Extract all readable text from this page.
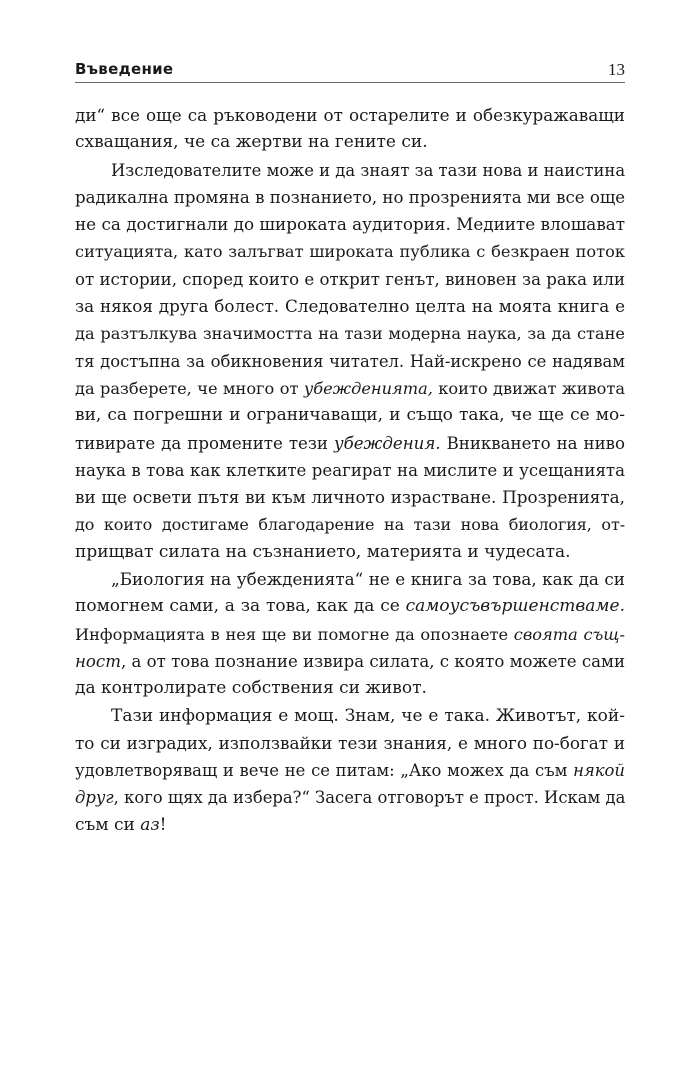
Въведение	13
ди“ все още са ръководени от остарелите и обезкуражаващи
схващания, че са жертви на гените си.
Изследователите може и да знаят за тази нова и наистина
радикална промяна в познанието, но прозренията ми все още
не са достигнали до широката аудитория. Медиите влошават
ситуацията, като залъгват широката публика с безкраен поток
от истории, според които е открит генът, виновен за рака или
за някоя друга болест. Следователно целта на моята книга е
да разтълкува значимостта на тази модерна наука, за да стане
тя достъпна за обикновения читател. Най-искрено се надявам
да разберете, че много от убежденията, които движат живота
ви, са погрешни и ограничаващи, и също така, че ще се мо-
тивирате да промените тези убеждения. Вникването на ниво
наука в това как клетките реагират на мислите и усещанията
ви ще освети пътя ви към личното израстване. Прозренията,
до които достигаме благодарение на тази нова биология, от-
прищват силата на съзнанието, материята и чудесата.
„Биология на убежденията“ не е книга за това, как да си
помогнем сами, а за това, как да се самоусъвършенстваме.
Информацията в нея ще ви помогне да опознаете своята същ-
ност, а от това познание извира силата, с която можете сами
да контролирате собствения си живот.
Тази информация е мощ. Знам, че е така. Животът, кой-
то си изградих, използвайки тези знания, е много по-богат и
удовлетворяващ и вече не се питам: „Ако можех да съм някой
друг, кого щях да избера?“ Засега отговорът е прост. Искам да
съм си аз!
